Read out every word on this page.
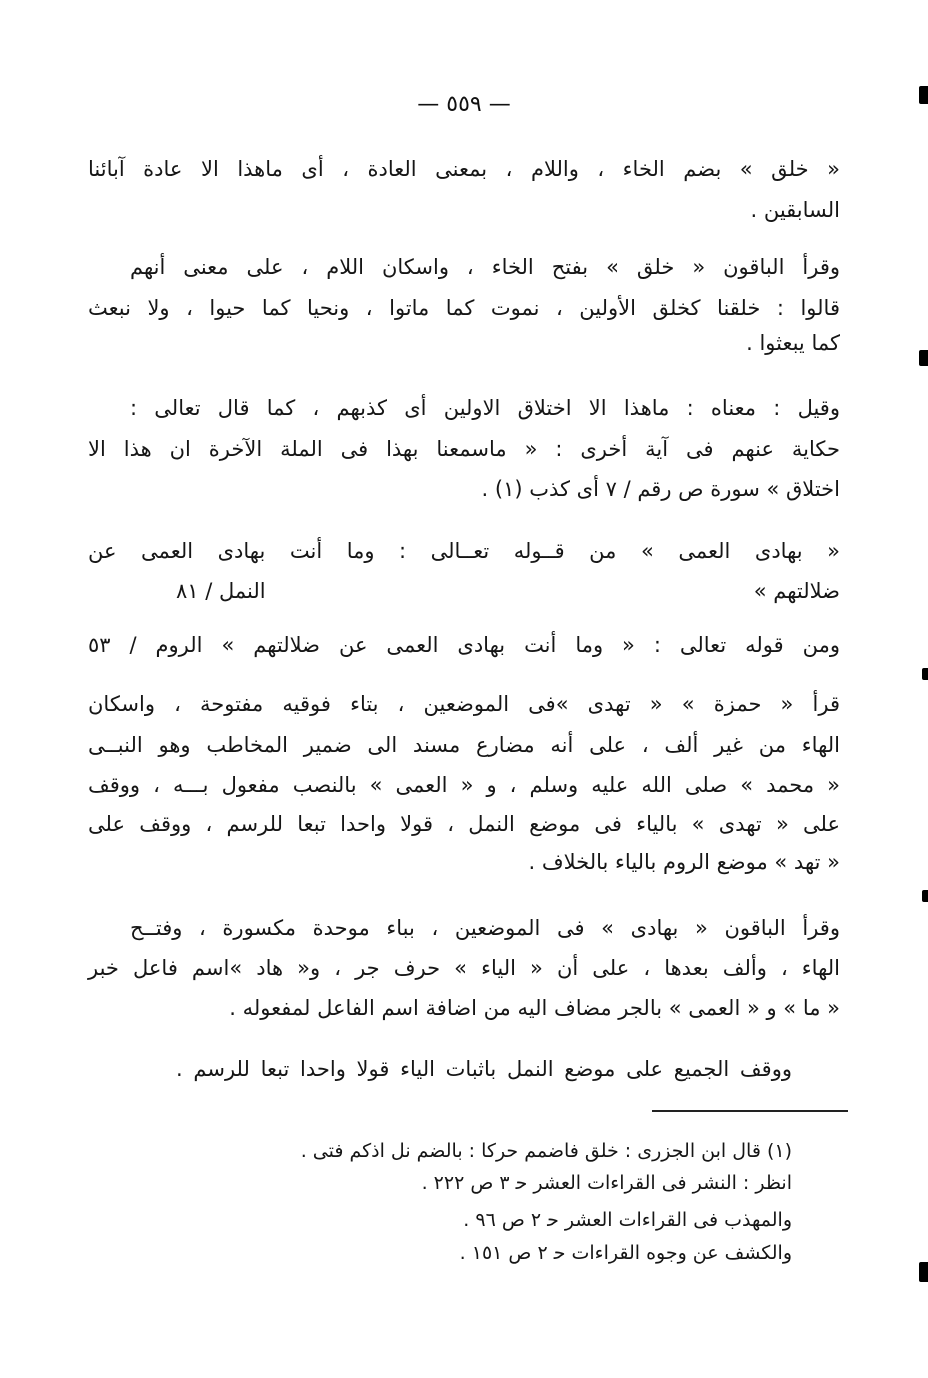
— ٥٥٩ —
« خلق » بضم الخاء ، واللام ، بمعنى العادة ، أى ماهذا الا عادة آبائنا
السابقين .
وقرأ الباقون « خلق » بفتح الخاء ، واسكان اللام ، على معنى أنهم
قالوا : خلقنا كخلق الأولين ، نموت كما ماتوا ، ونحيا كما حيوا ، ولا نبعث
كما يبعثوا .
وقيل : معناه : ماهذا الا اختلاق الاولين أى كذبهم ، كما قال تعالى :
حكاية عنهم فى آية أخرى : « ماسمعنا بهذا فى الملة الآخرة ان هذا الا
اختلاق » سورة ص رقم / ٧ أى كذب (١) .
« بهادى العمى » من قــوله تعــالى : وما أنت بهادى العمى عن
ضلالتهم »
النمل / ٨١
ومن قوله تعالى : « وما أنت بهادى العمى عن ضلالتهم » الروم / ٥٣
قرأ « حمزة » « تهدى »فى الموضعين ، بتاء فوقيه مفتوحة ، واسكان
الهاء من غير ألف ، على أنه مضارع مسند الى ضمير المخاطب وهو النبــى
« محمد » صلى الله عليه وسلم ، و « العمى » بالنصب مفعول بـــه ، ووقف
على « تهدى » بالياء فى موضع النمل ، قولا واحدا تبعا للرسم ، ووقف على
« تهد » موضع الروم بالياء بالخلاف .
وقرأ الباقون « بهادى » فى الموضعين ، بباء موحدة مكسورة ، وفتــح
الهاء ، وألف بعدها ، على أن « الياء » حرف جر ، و« هاد »اسم فاعل خبر
« ما » و « العمى » بالجر مضاف اليه من اضافة اسم الفاعل لمفعوله .
ووقف الجميع على موضع النمل باثبات الياء قولا واحدا تبعا للرسم .
(١) قال ابن الجزرى : خلق فاضمم حركا : بالضم نل اذكم فتى .
انظر : النشر فى القراءات العشر ﺣ ٣ ص ٢٢٢ .
والمهذب فى القراءات العشر ﺣ ٢ ص ٩٦ .
والكشف عن وجوه القراءات ﺣ ٢ ص ١٥١ .
